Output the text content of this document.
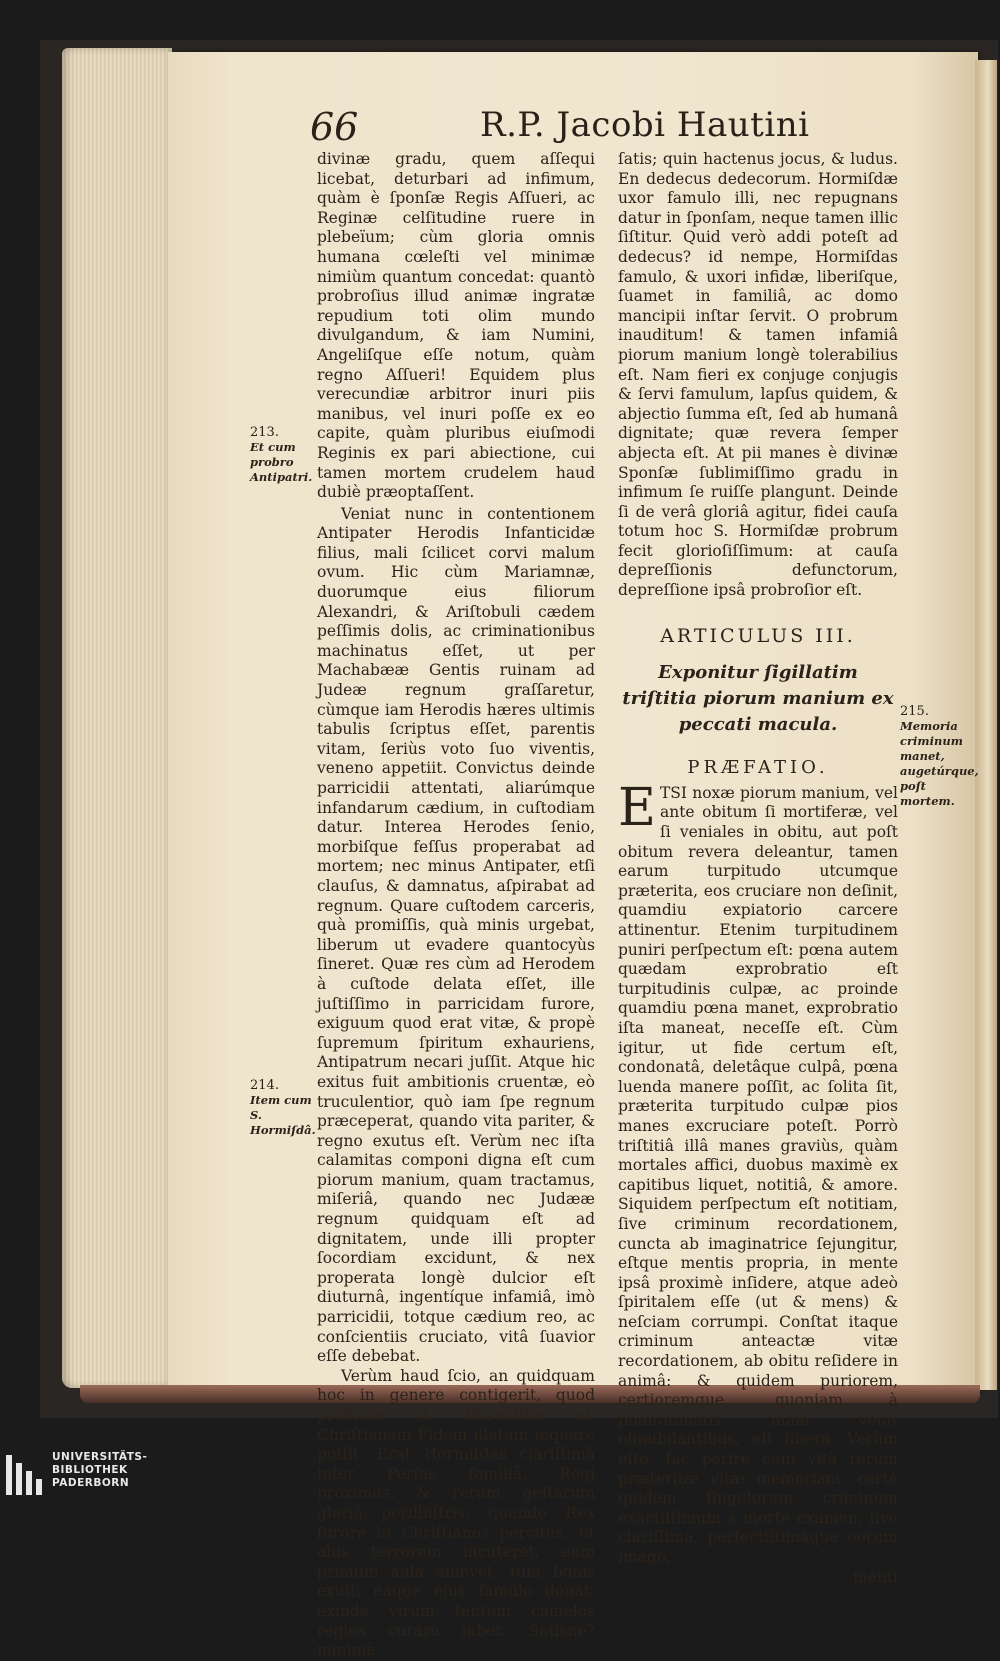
66	R.P. Jacobi Hautini

divinæ gradu, quem aſſequi licebat, deturbari ad infimum, quàm è ſponſæ Regis Aſſueri, ac Reginæ celſitudine ruere in plebeïum; cùm gloria omnis humana cœleſti vel minimæ nimiùm quantum concedat: quantò probroſius illud animæ ingratæ repudium toti olim mundo divulgandum, & iam Numini, Angeliſque eſſe notum, quàm regno Aſſueri! Equidem plus verecundiæ arbitror inuri piis manibus, vel inuri poſſe ex eo capite, quàm pluribus eiuſmodi Reginis ex pari abiectione, cui tamen mortem crudelem haud dubiè præoptaſſent.

Veniat nunc in contentionem Antipater Herodis Infanticidæ filius, mali ſcilicet corvi malum ovum. Hic cùm Mariamnæ, duorumque eius filiorum Alexandri, & Ariſtobuli cædem peſſimis dolis, ac criminationibus machinatus eſſet, ut per Machabææ Gentis ruinam ad Judeæ regnum graſſaretur, cùmque iam Herodis hæres ultimis tabulis ſcriptus eſſet, parentis vitam, ſeriùs voto ſuo viventis, veneno appetiit. Convictus deinde parricidii attentati, aliarúmque infandarum cædium, in cuſtodiam datur. Interea Herodes ſenio, morbiſque feſſus properabat ad mortem; nec minus Antipater, etſi clauſus, & damnatus, aſpirabat ad regnum. Quare cuſtodem carceris, quà promiſſis, quà minis urgebat, liberum ut evadere quantocyùs ſineret. Quæ res cùm ad Herodem à cuſtode delata eſſet, ille juſtiſſimo in parricidam furore, exiguum quod erat vitæ, & propè ſupremum ſpiritum exhauriens, Antipatrum necari juſſit. Atque hic exitus fuit ambitionis cruentæ, eò truculentior, quò iam ſpe regnum præceperat, quando vita pariter, & regno exutus eſt. Verùm nec iſta calamitas componi digna eſt cum piorum manium, quam tractamus, miſeriâ, quando nec Judææ regnum quidquam eſt ad dignitatem, unde illi propter ſocordiam excidunt, & nex properata longè dulcior eſt diuturnâ, ingentíque infamiâ, imò parricidii, totque cædium reo, ac conſcientiis cruciato, vitâ ſuavior eſſe debebat.

Verùm haud ſcio, an quidquam hoc in genere contigerit, quod probrum S. Hormiſdæ ob Chriſtianam Fidem illatum æquare poſſit. Erat Hormiſdas clariſſimâ inter Perſas familiâ, Regi proximus, & rerum geſtarum gloriâ perilluſtris, quando Rex furore in Chriſtianos percitus, ut aliis terrorem incuteret, eum primùm aulâ amovet, tum bonis exuit, eáque ejus famulo donat: exinde virum tantum camelos regios curare jubet. Satisne? minimè

213.
Et cum probro Antipatri.
214.
Item cum S. Hormiſdâ.
215.
Memoria criminum manet, augetúrque, poſt mortem.

ſatis; quin hactenus jocus, & ludus. En dedecus dedecorum. Hormiſdæ uxor famulo illi, nec repugnans datur in ſponſam, neque tamen illic ſiſtitur. Quid verò addi poteſt ad dedecus? id nempe, Hormiſdas famulo, & uxori infidæ, liberiſque, ſuamet in familiâ, ac domo mancipii inſtar ſervit. O probrum inauditum! & tamen infamiâ piorum manium longè tolerabilius eſt. Nam fieri ex conjuge conjugis & ſervi famulum, lapſus quidem, & abjectio ſumma eſt, ſed ab humanâ dignitate; quæ revera ſemper abjecta eſt. At pii manes è divinæ Sponſæ ſublimiſſimo gradu in infimum ſe ruiſſe plangunt. Deinde ſi de verâ gloriâ agitur, fidei cauſa totum hoc S. Hormiſdæ probrum fecit glorioſiſſimum: at cauſa depreſſionis defunctorum, depreſſione ipsâ probroſior eſt.

ARTICULUS III.
Exponitur ſigillatim triſtitia piorum manium ex peccati macula.
PRÆFATIO.

ETSI noxæ piorum manium, vel ante obitum ſi mortiferæ, vel ſi veniales in obitu, aut poſt obitum revera deleantur, tamen earum turpitudo utcumque præterita, eos cruciare non deſinit, quamdiu expiatorio carcere attinentur. Etenim turpitudinem puniri perſpectum eſt: pœna autem quædam exprobratio eſt turpitudinis culpæ, ac proinde quamdiu pœna manet, exprobratio iſta maneat, neceſſe eſt. Cùm igitur, ut fide certum eſt, condonatâ, deletâque culpâ, pœna luenda manere poſſit, ac ſolita ſit, præterita turpitudo culpæ pios manes excruciare poteſt. Porrò triſtitiâ illâ manes graviùs, quàm mortales affici, duobus maximè ex capitibus liquet, notitiâ, & amore. Siquidem perſpectum eſt notitiam, ſive criminum recordationem, cuncta ab imaginatrice ſejungitur, eſtque mentis propria, in mente ipsâ proximè inſidere, atque adeò ſpiritalem eſſe (ut & mens) & neſciam corrumpi. Conſtat itaque criminum anteactæ vitæ recordationem, ab obitu reſidere in animâ: & quidem puriorem, certioremque, quoniam à phantaſmatis illam velut obnubilantibus, eſt libera. Verùm eſto, fac perire cum vitâ rerum præteritæ vitæ memoriam: certè quidem ſingulorum criminum exactiſſimum à morte examen, ſive clariſſima, perfectiſſimáque eorum imago,

menti

UNIVERSITÄTS-
BIBLIOTHEK
PADERBORN
